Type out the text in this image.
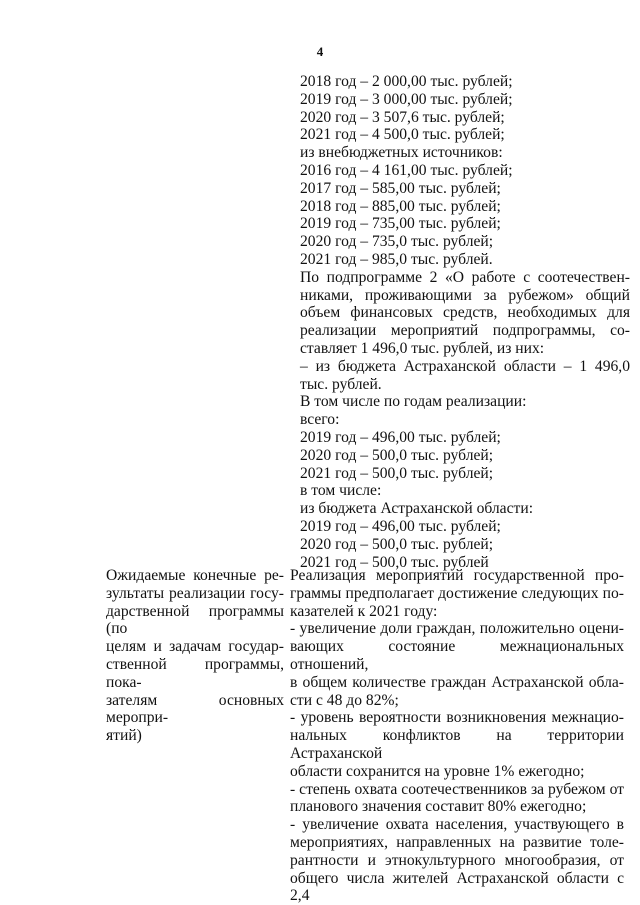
4
2018 год – 2 000,00 тыс. рублей;
2019 год – 3 000,00 тыс. рублей;
2020 год – 3 507,6 тыс. рублей;
2021 год – 4 500,0 тыс. рублей;
из внебюджетных источников:
2016 год – 4 161,00 тыс. рублей;
2017 год – 585,00 тыс. рублей;
2018 год – 885,00 тыс. рублей;
2019 год – 735,00 тыс. рублей;
2020 год – 735,0 тыс. рублей;
2021 год – 985,0 тыс. рублей.
По подпрограмме 2 «О работе с соотечествен-
никами, проживающими за рубежом» общий
объем финансовых средств, необходимых для
реализации мероприятий подпрограммы, со-
ставляет 1 496,0 тыс. рублей, из них:
– из бюджета Астраханской области – 1 496,0
тыс. рублей.
В том числе по годам реализации:
всего:
2019 год – 496,00 тыс. рублей;
2020 год – 500,0 тыс. рублей;
2021 год – 500,0 тыс. рублей;
в том числе:
из бюджета Астраханской области:
2019 год – 496,00 тыс. рублей;
2020 год – 500,0 тыс. рублей;
2021 год – 500,0 тыс. рублей
Ожидаемые конечные ре-
зультаты реализации госу-
дарственной программы (по
целям и задачам государ-
ственной программы, пока-
зателям основных меропри-
ятий)
Реализация мероприятий государственной про-
граммы предполагает достижение следующих по-
казателей к 2021 году:
- увеличение доли граждан, положительно оцени-
вающих состояние межнациональных отношений,
в общем количестве граждан Астраханской обла-
сти с 48 до 82%;
- уровень вероятности возникновения межнацио-
нальных конфликтов на территории Астраханской
области сохранится на уровне 1% ежегодно;
- степень охвата соотечественников за рубежом от
планового значения составит 80% ежегодно;
- увеличение охвата населения, участвующего в
мероприятиях, направленных на развитие толе-
рантности и этнокультурного многообразия, от
общего числа жителей Астраханской области с 2,4
